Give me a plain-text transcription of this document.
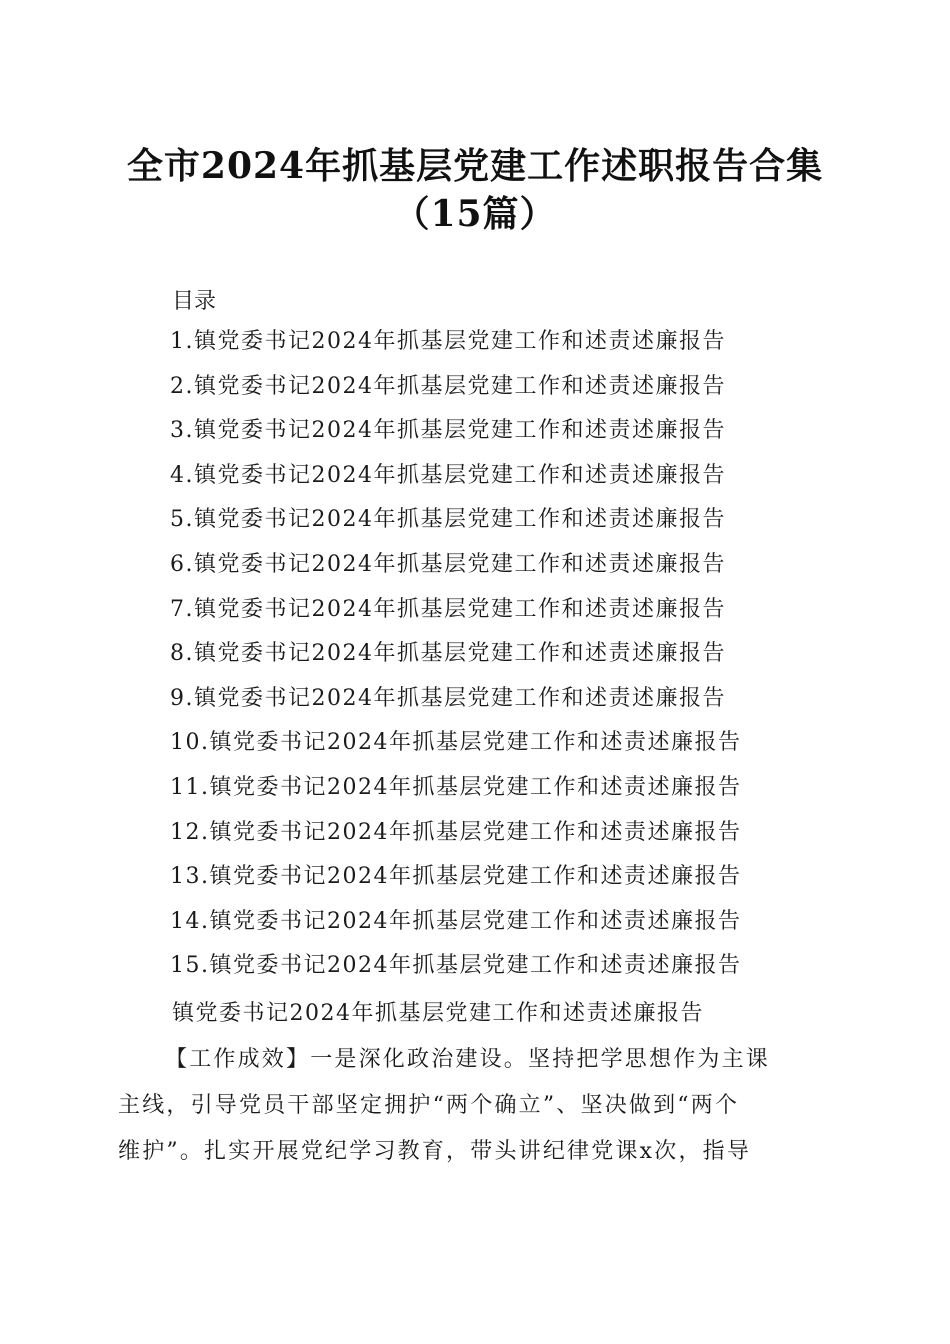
全市2024年抓基层党建工作述职报告合集
（15篇）
目录
1.镇党委书记2024年抓基层党建工作和述责述廉报告
2.镇党委书记2024年抓基层党建工作和述责述廉报告
3.镇党委书记2024年抓基层党建工作和述责述廉报告
4.镇党委书记2024年抓基层党建工作和述责述廉报告
5.镇党委书记2024年抓基层党建工作和述责述廉报告
6.镇党委书记2024年抓基层党建工作和述责述廉报告
7.镇党委书记2024年抓基层党建工作和述责述廉报告
8.镇党委书记2024年抓基层党建工作和述责述廉报告
9.镇党委书记2024年抓基层党建工作和述责述廉报告
10.镇党委书记2024年抓基层党建工作和述责述廉报告
11.镇党委书记2024年抓基层党建工作和述责述廉报告
12.镇党委书记2024年抓基层党建工作和述责述廉报告
13.镇党委书记2024年抓基层党建工作和述责述廉报告
14.镇党委书记2024年抓基层党建工作和述责述廉报告
15.镇党委书记2024年抓基层党建工作和述责述廉报告
镇党委书记2024年抓基层党建工作和述责述廉报告
【工作成效】一是深化政治建设。坚持把学思想作为主课
主线，引导党员干部坚定拥护“两个确立”、坚决做到“两个
维护”。扎实开展党纪学习教育，带头讲纪律党课x次，指导
